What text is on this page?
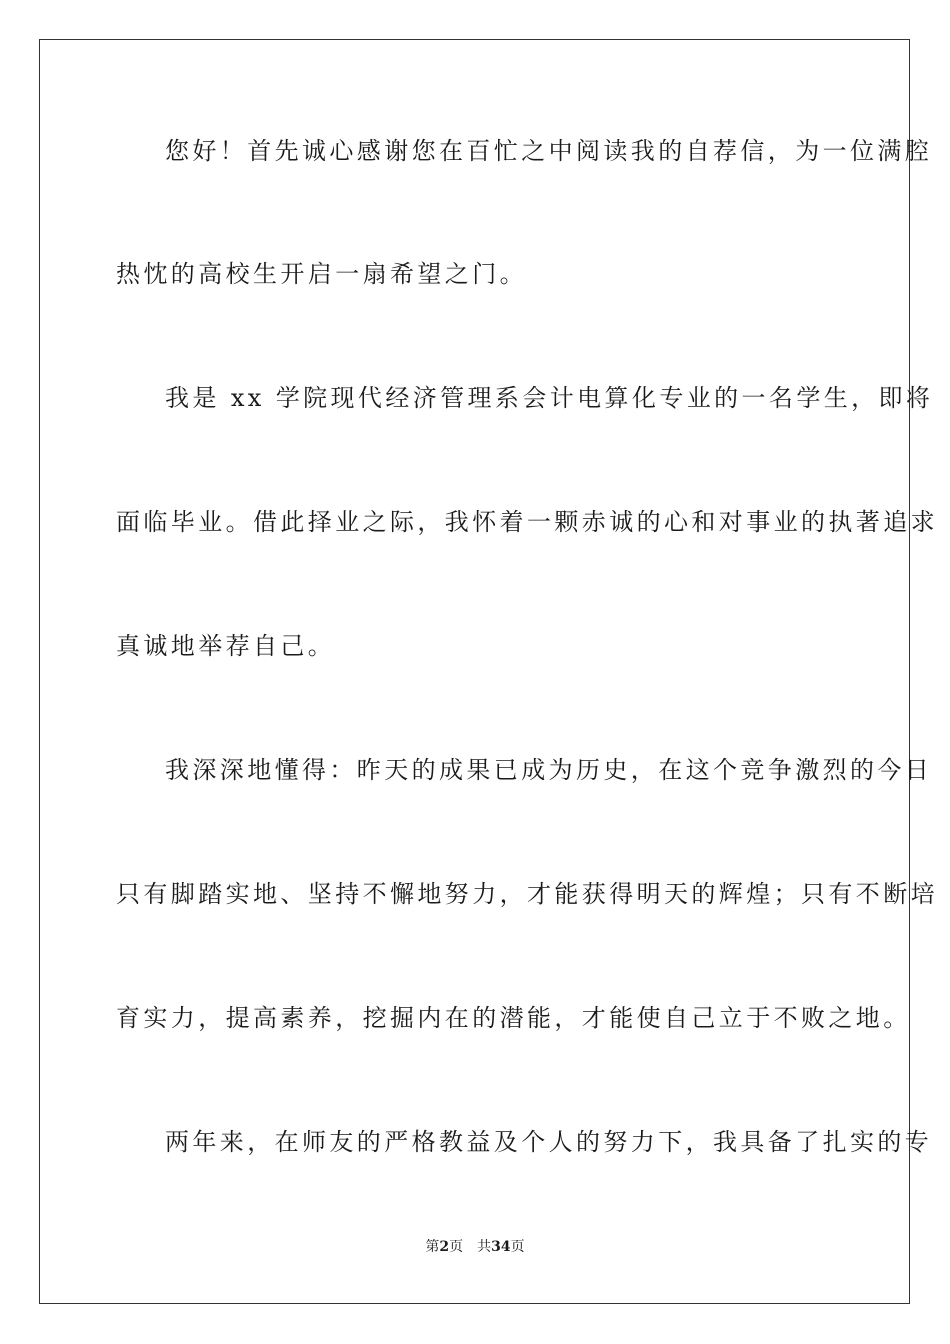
您好！首先诚心感谢您在百忙之中阅读我的自荐信，为一位满腔
热忱的高校生开启一扇希望之门。
我是 xx 学院现代经济管理系会计电算化专业的一名学生，即将
面临毕业。借此择业之际，我怀着一颗赤诚的心和对事业的执著追求
真诚地举荐自己。
我深深地懂得：昨天的成果已成为历史，在这个竞争激烈的今日
只有脚踏实地、坚持不懈地努力，才能获得明天的辉煌；只有不断培
育实力，提高素养，挖掘内在的潜能，才能使自己立于不败之地。
两年来，在师友的严格教益及个人的努力下，我具备了扎实的专
第2页 共34页
